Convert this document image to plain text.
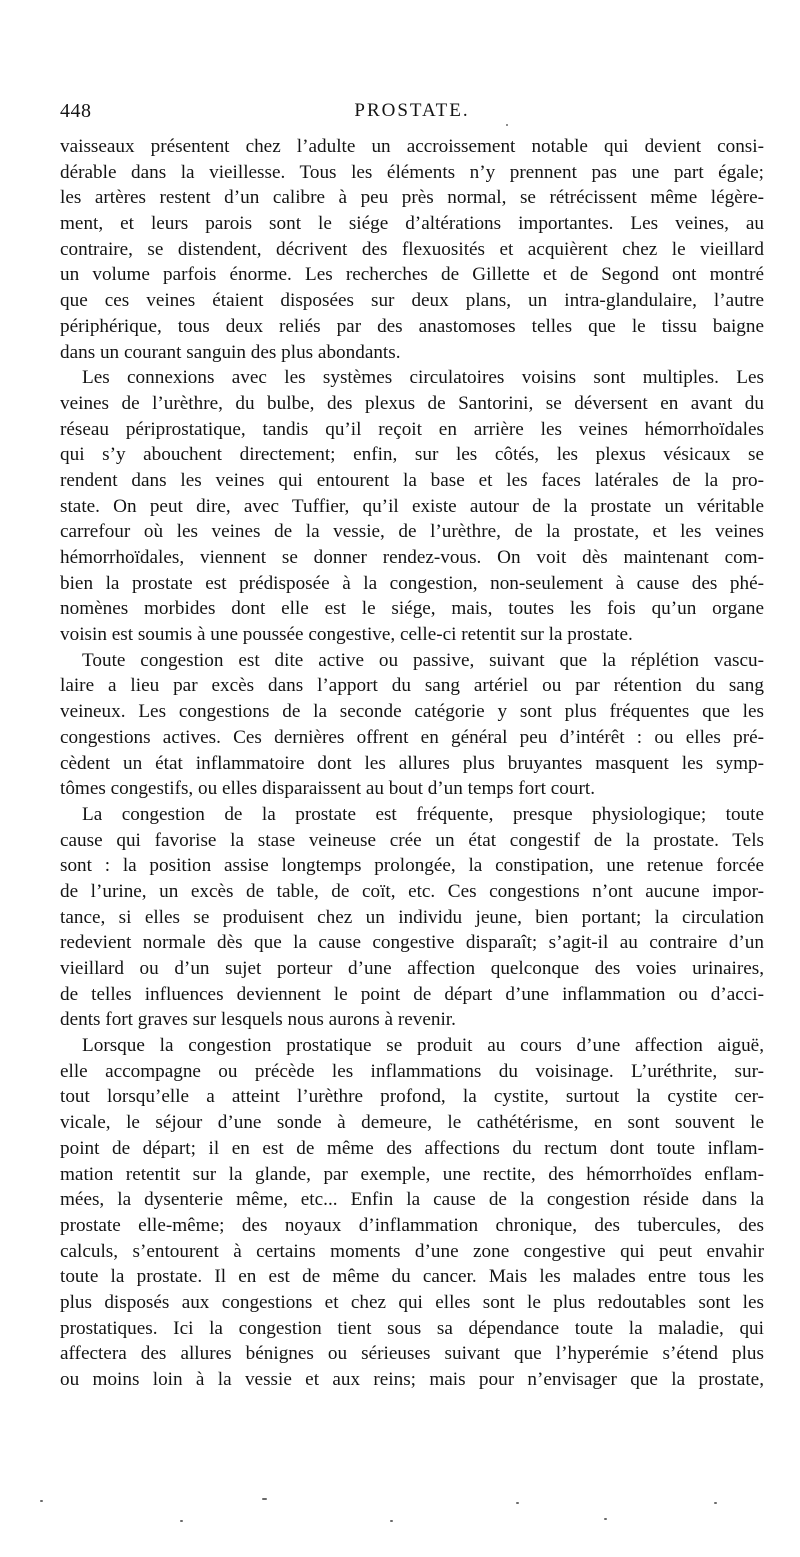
448	PROSTATE.
vaisseaux présentent chez l’adulte un accroissement notable qui devient consi-
dérable dans la vieillesse. Tous les éléments n’y prennent pas une part égale;
les artères restent d’un calibre à peu près normal, se rétrécissent même légère-
ment, et leurs parois sont le siége d’altérations importantes. Les veines, au
contraire, se distendent, décrivent des flexuosités et acquièrent chez le vieillard
un volume parfois énorme. Les recherches de Gillette et de Segond ont montré
que ces veines étaient disposées sur deux plans, un intra-glandulaire, l’autre
périphérique, tous deux reliés par des anastomoses telles que le tissu baigne
dans un courant sanguin des plus abondants.
Les connexions avec les systèmes circulatoires voisins sont multiples. Les
veines de l’urèthre, du bulbe, des plexus de Santorini, se déversent en avant du
réseau périprostatique, tandis qu’il reçoit en arrière les veines hémorrhoïdales
qui s’y abouchent directement; enfin, sur les côtés, les plexus vésicaux se
rendent dans les veines qui entourent la base et les faces latérales de la pro-
state. On peut dire, avec Tuffier, qu’il existe autour de la prostate un véritable
carrefour où les veines de la vessie, de l’urèthre, de la prostate, et les veines
hémorrhoïdales, viennent se donner rendez-vous. On voit dès maintenant com-
bien la prostate est prédisposée à la congestion, non-seulement à cause des phé-
nomènes morbides dont elle est le siége, mais, toutes les fois qu’un organe
voisin est soumis à une poussée congestive, celle-ci retentit sur la prostate.
Toute congestion est dite active ou passive, suivant que la réplétion vascu-
laire a lieu par excès dans l’apport du sang artériel ou par rétention du sang
veineux. Les congestions de la seconde catégorie y sont plus fréquentes que les
congestions actives. Ces dernières offrent en général peu d’intérêt : ou elles pré-
cèdent un état inflammatoire dont les allures plus bruyantes masquent les symp-
tômes congestifs, ou elles disparaissent au bout d’un temps fort court.
La congestion de la prostate est fréquente, presque physiologique; toute
cause qui favorise la stase veineuse crée un état congestif de la prostate. Tels
sont : la position assise longtemps prolongée, la constipation, une retenue forcée
de l’urine, un excès de table, de coït, etc. Ces congestions n’ont aucune impor-
tance, si elles se produisent chez un individu jeune, bien portant; la circulation
redevient normale dès que la cause congestive disparaît; s’agit-il au contraire d’un
vieillard ou d’un sujet porteur d’une affection quelconque des voies urinaires,
de telles influences deviennent le point de départ d’une inflammation ou d’acci-
dents fort graves sur lesquels nous aurons à revenir.
Lorsque la congestion prostatique se produit au cours d’une affection aiguë,
elle accompagne ou précède les inflammations du voisinage. L’uréthrite, sur-
tout lorsqu’elle a atteint l’urèthre profond, la cystite, surtout la cystite cer-
vicale, le séjour d’une sonde à demeure, le cathétérisme, en sont souvent le
point de départ; il en est de même des affections du rectum dont toute inflam-
mation retentit sur la glande, par exemple, une rectite, des hémorrhoïdes enflam-
mées, la dysenterie même, etc... Enfin la cause de la congestion réside dans la
prostate elle-même; des noyaux d’inflammation chronique, des tubercules, des
calculs, s’entourent à certains moments d’une zone congestive qui peut envahir
toute la prostate. Il en est de même du cancer. Mais les malades entre tous les
plus disposés aux congestions et chez qui elles sont le plus redoutables sont les
prostatiques. Ici la congestion tient sous sa dépendance toute la maladie, qui
affectera des allures bénignes ou sérieuses suivant que l’hyperémie s’étend plus
ou moins loin à la vessie et aux reins; mais pour n’envisager que la prostate,
